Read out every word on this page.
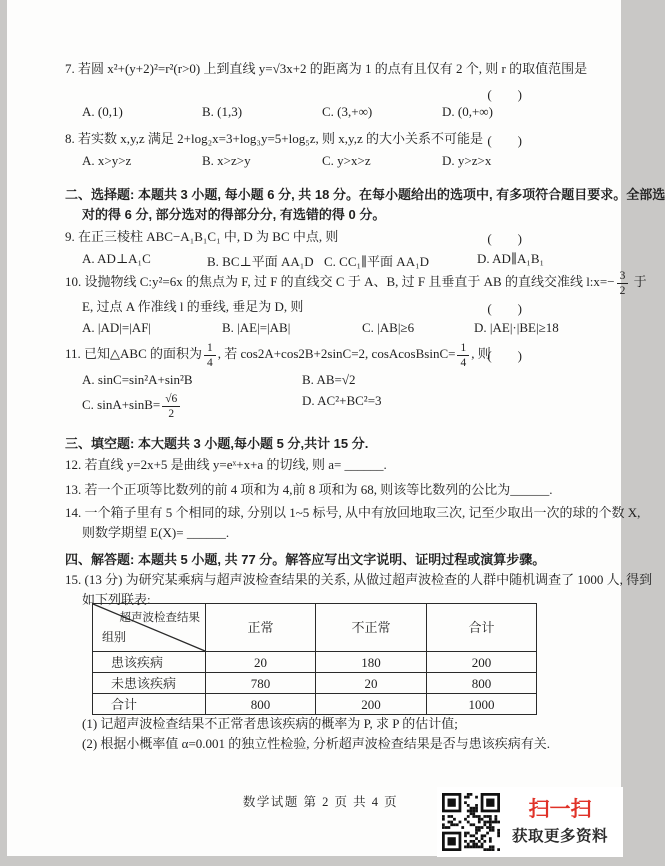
7. 若圆 x²+(y+2)²=r²(r>0) 上到直线 y=√3x+2 的距离为 1 的点有且仅有 2 个, 则 r 的取值范围是
(　　)
A. (0,1)	B. (1,3)	C. (3,+∞)	D. (0,+∞)
8. 若实数 x,y,z 满足 2+log₂x=3+log₃y=5+log₅z, 则 x,y,z 的大小关系不可能是 (　　)
A. x>y>z	B. x>z>y	C. y>x>z	D. y>z>x
二、选择题: 本题共 3 小题, 每小题 6 分, 共 18 分。在每小题给出的选项中, 有多项符合题目要求。全部选
对的得 6 分, 部分选对的得部分分, 有选错的得 0 分。
9. 在正三棱柱 ABC−A₁B₁C₁ 中, D 为 BC 中点, 则	(　　)
A. AD⊥A₁C	B. BC⊥平面 AA₁D C. CC₁∥平面 AA₁D	D. AD∥A₁B₁
10. 设抛物线 C:y²=6x 的焦点为 F, 过 F 的直线交 C 于 A、B, 过 F 且垂直于 AB 的直线交准线 l:x=− $\frac{3}{2}$ 于
E, 过点 A 作准线 l 的垂线, 垂足为 D, 则	(　　)
A. |AD|=|AF|	B. |AE|=|AB|	C. |AB|≥6	D. |AE|·|BE|≥18
11. 已知△ABC 的面积为 $\frac{1}{4}$ , 若 cos2A+cos2B+2sinC=2, cosAcosBsinC= $\frac{1}{4}$ , 则
(　　)
A. sinC=sin²A+sin²B	B. AB=√2
C. $\sin A+\sin B= \frac{√6}{2}$	D. AC²+BC²=3
三、填空题: 本大题共 3 小题,每小题 5 分,共计 15 分.
12. 若直线 y=2x+5 是曲线 y=eˣ+x+a 的切线, 则 a= ______.
13. 若一个正项等比数列的前 4 项和为 4,前 8 项和为 68, 则该等比数列的公比为______.
14. 一个箱子里有 5 个相同的球, 分别以 1~5 标号, 从中有放回地取三次, 记至少取出一次的球的个数 X,
则数学期望 E(X)= ______.
四、解答题: 本题共 5 小题, 共 77 分。解答应写出文字说明、证明过程或演算步骤。
15. (13 分) 为研究某乘病与超声波检查结果的关系, 从做过超声波检查的人群中随机调查了 1000 人, 得到
如下列联表:
超声波检查结果
组别	正常	不正常	合计
患该疾病	20	180	200
未患该疾病	780	20	800
合计	800	200	1000
(1) 记超声波检查结果不正常者患该疾病的概率为 P, 求 P 的估计值;
(2) 根据小概率值 α=0.001 的独立性检验, 分析超声波检查结果是否与患该疾病有关.
数学试题 第 2 页 共 4 页	扫一扫
获取更多资料
